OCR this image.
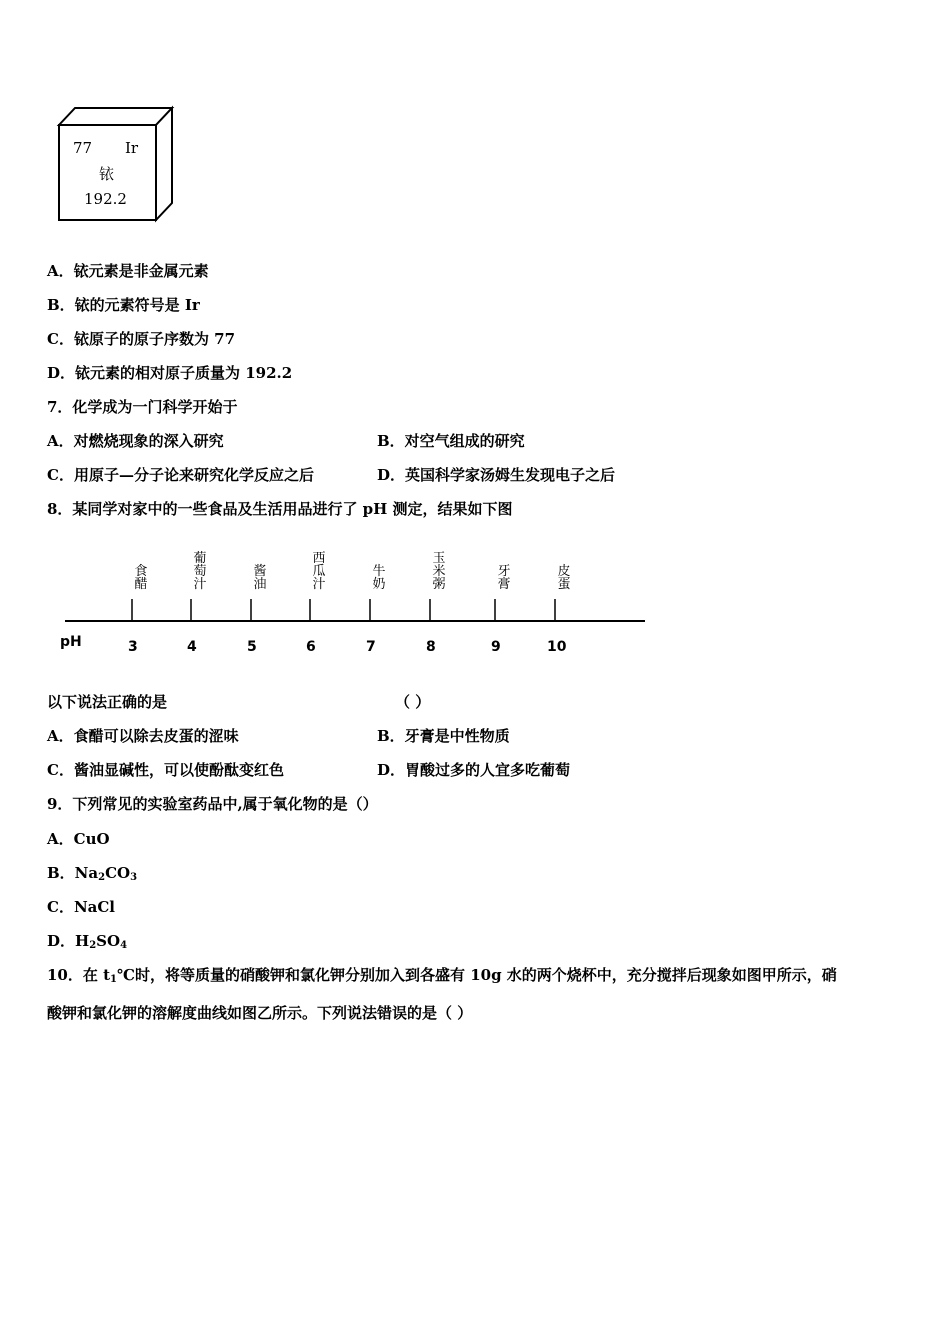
77 Ir
铱
192.2
A．铱元素是非金属元素
B．铱的元素符号是 Ir
C．铱原子的原子序数为 77
D．铱元素的相对原子质量为 192.2
7．化学成为一门科学开始于
A．对燃烧现象的深入研究	B．对空气组成的研究
C．用原子—分子论来研究化学反应之后	D．英国科学家汤姆生发现电子之后
8．某同学对家中的一些食品及生活用品进行了 pH 测定，结果如下图
pH	3
食醋
4
葡萄汁
5
酱油
6
西瓜汁
7
牛奶
8
玉米粥
9
牙膏
10
皮蛋
以下说法正确的是	（ ）
A．食醋可以除去皮蛋的涩味	B．牙膏是中性物质
C．酱油显碱性，可以使酚酞变红色	D．胃酸过多的人宜多吃葡萄
9．下列常见的实验室药品中,属于氧化物的是（）
A．CuO
B．$Na_2CO_3$
C．NaCl
D．$H_2SO_4$
10．在 $t_1℃$时，将等质量的硝酸钾和氯化钾分别加入到各盛有 10g 水的两个烧杯中，充分搅拌后现象如图甲所示，硝
酸钾和氯化钾的溶解度曲线如图乙所示。下列说法错误的是（ ）
